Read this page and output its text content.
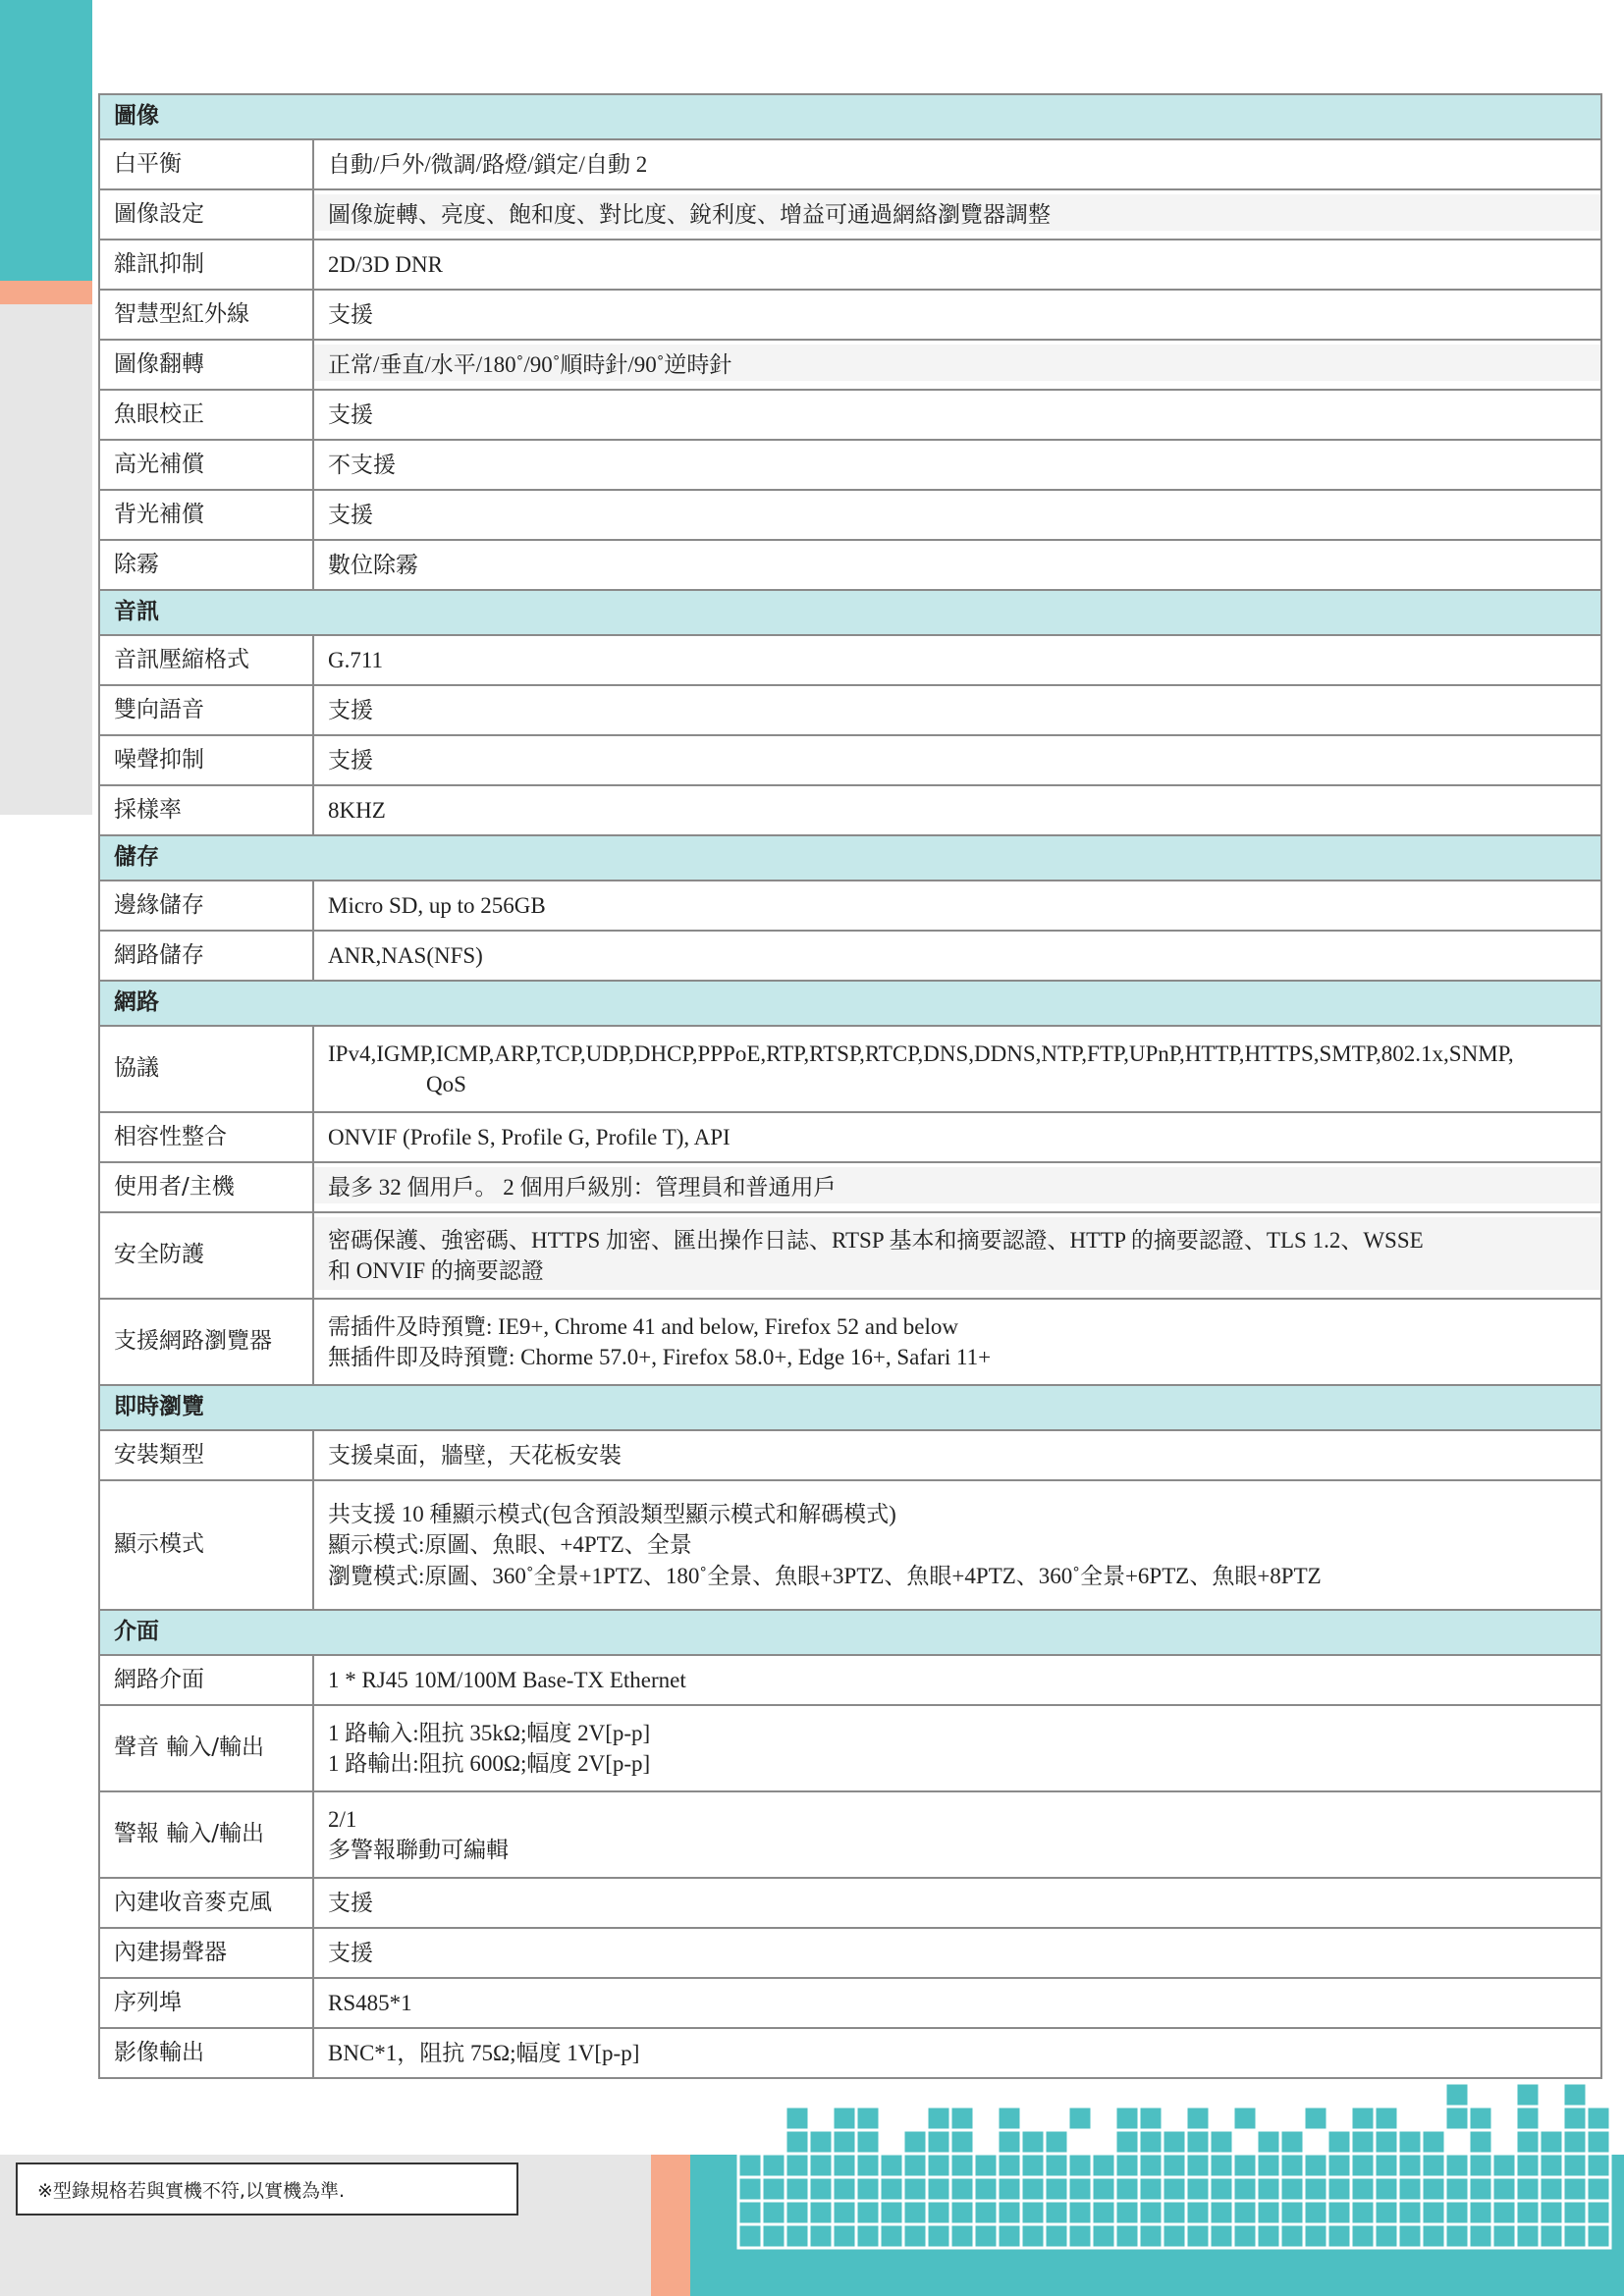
圖像	
白平衡	自動/戶外/微調/路燈/鎖定/自動 2

圖像設定	圖像旋轉、亮度、飽和度、對比度、銳利度、增益可通過網絡瀏覽器調整

雜訊抑制	2D/3D DNR

智慧型紅外線	支援

圖像翻轉	正常/垂直/水平/180˚/90˚順時針/90˚逆時針

魚眼校正	支援

高光補償	不支援

背光補償	支援

除霧	數位除霧

音訊	
音訊壓縮格式	G.711

雙向語音	支援

噪聲抑制	支援

採樣率	8KHZ

儲存	
邊緣儲存	Micro SD, up to 256GB

網路儲存	ANR,NAS(NFS)

網路	
協議	IPv4,IGMP,ICMP,ARP,TCP,UDP,DHCP,PPPoE,RTP,RTSP,RTCP,DNS,DDNS,NTP,FTP,UPnP,HTTP,HTTPS,SMTP,802.1x,SNMP,
QoS

相容性整合	ONVIF (Profile S, Profile G, Profile T), API

使用者/主機	最多 32 個用戶。 2 個用戶級別：管理員和普通用戶

安全防護	密碼保護、強密碼、HTTPS 加密、匯出操作日誌、RTSP 基本和摘要認證、HTTP 的摘要認證、TLS 1.2、WSSE
和 ONVIF 的摘要認證

支援網路瀏覽器	需插件及時預覽: IE9+, Chrome 41 and below, Firefox 52 and below
無插件即及時預覽: Chorme 57.0+, Firefox 58.0+, Edge 16+, Safari 11+

即時瀏覽	
安裝類型	支援桌面，牆壁，天花板安裝

顯示模式	共支援 10 種顯示模式(包含預設類型顯示模式和解碼模式)
顯示模式:原圖、魚眼、+4PTZ、全景
瀏覽模式:原圖、360˚全景+1PTZ、180˚全景、魚眼+3PTZ、魚眼+4PTZ、360˚全景+6PTZ、魚眼+8PTZ

介面	
網路介面	1 * RJ45 10M/100M Base-TX Ethernet

聲音 輸入/輸出	1 路輸入:阻抗 35kΩ;幅度 2V[p-p]
1 路輸出:阻抗 600Ω;幅度 2V[p-p]

警報 輸入/輸出	2/1
多警報聯動可編輯

內建收音麥克風	支援

內建揚聲器	支援

序列埠	RS485*1

影像輸出	BNC*1，阻抗 75Ω;幅度 1V[p-p]
※型錄規格若與實機不符,以實機為準.
